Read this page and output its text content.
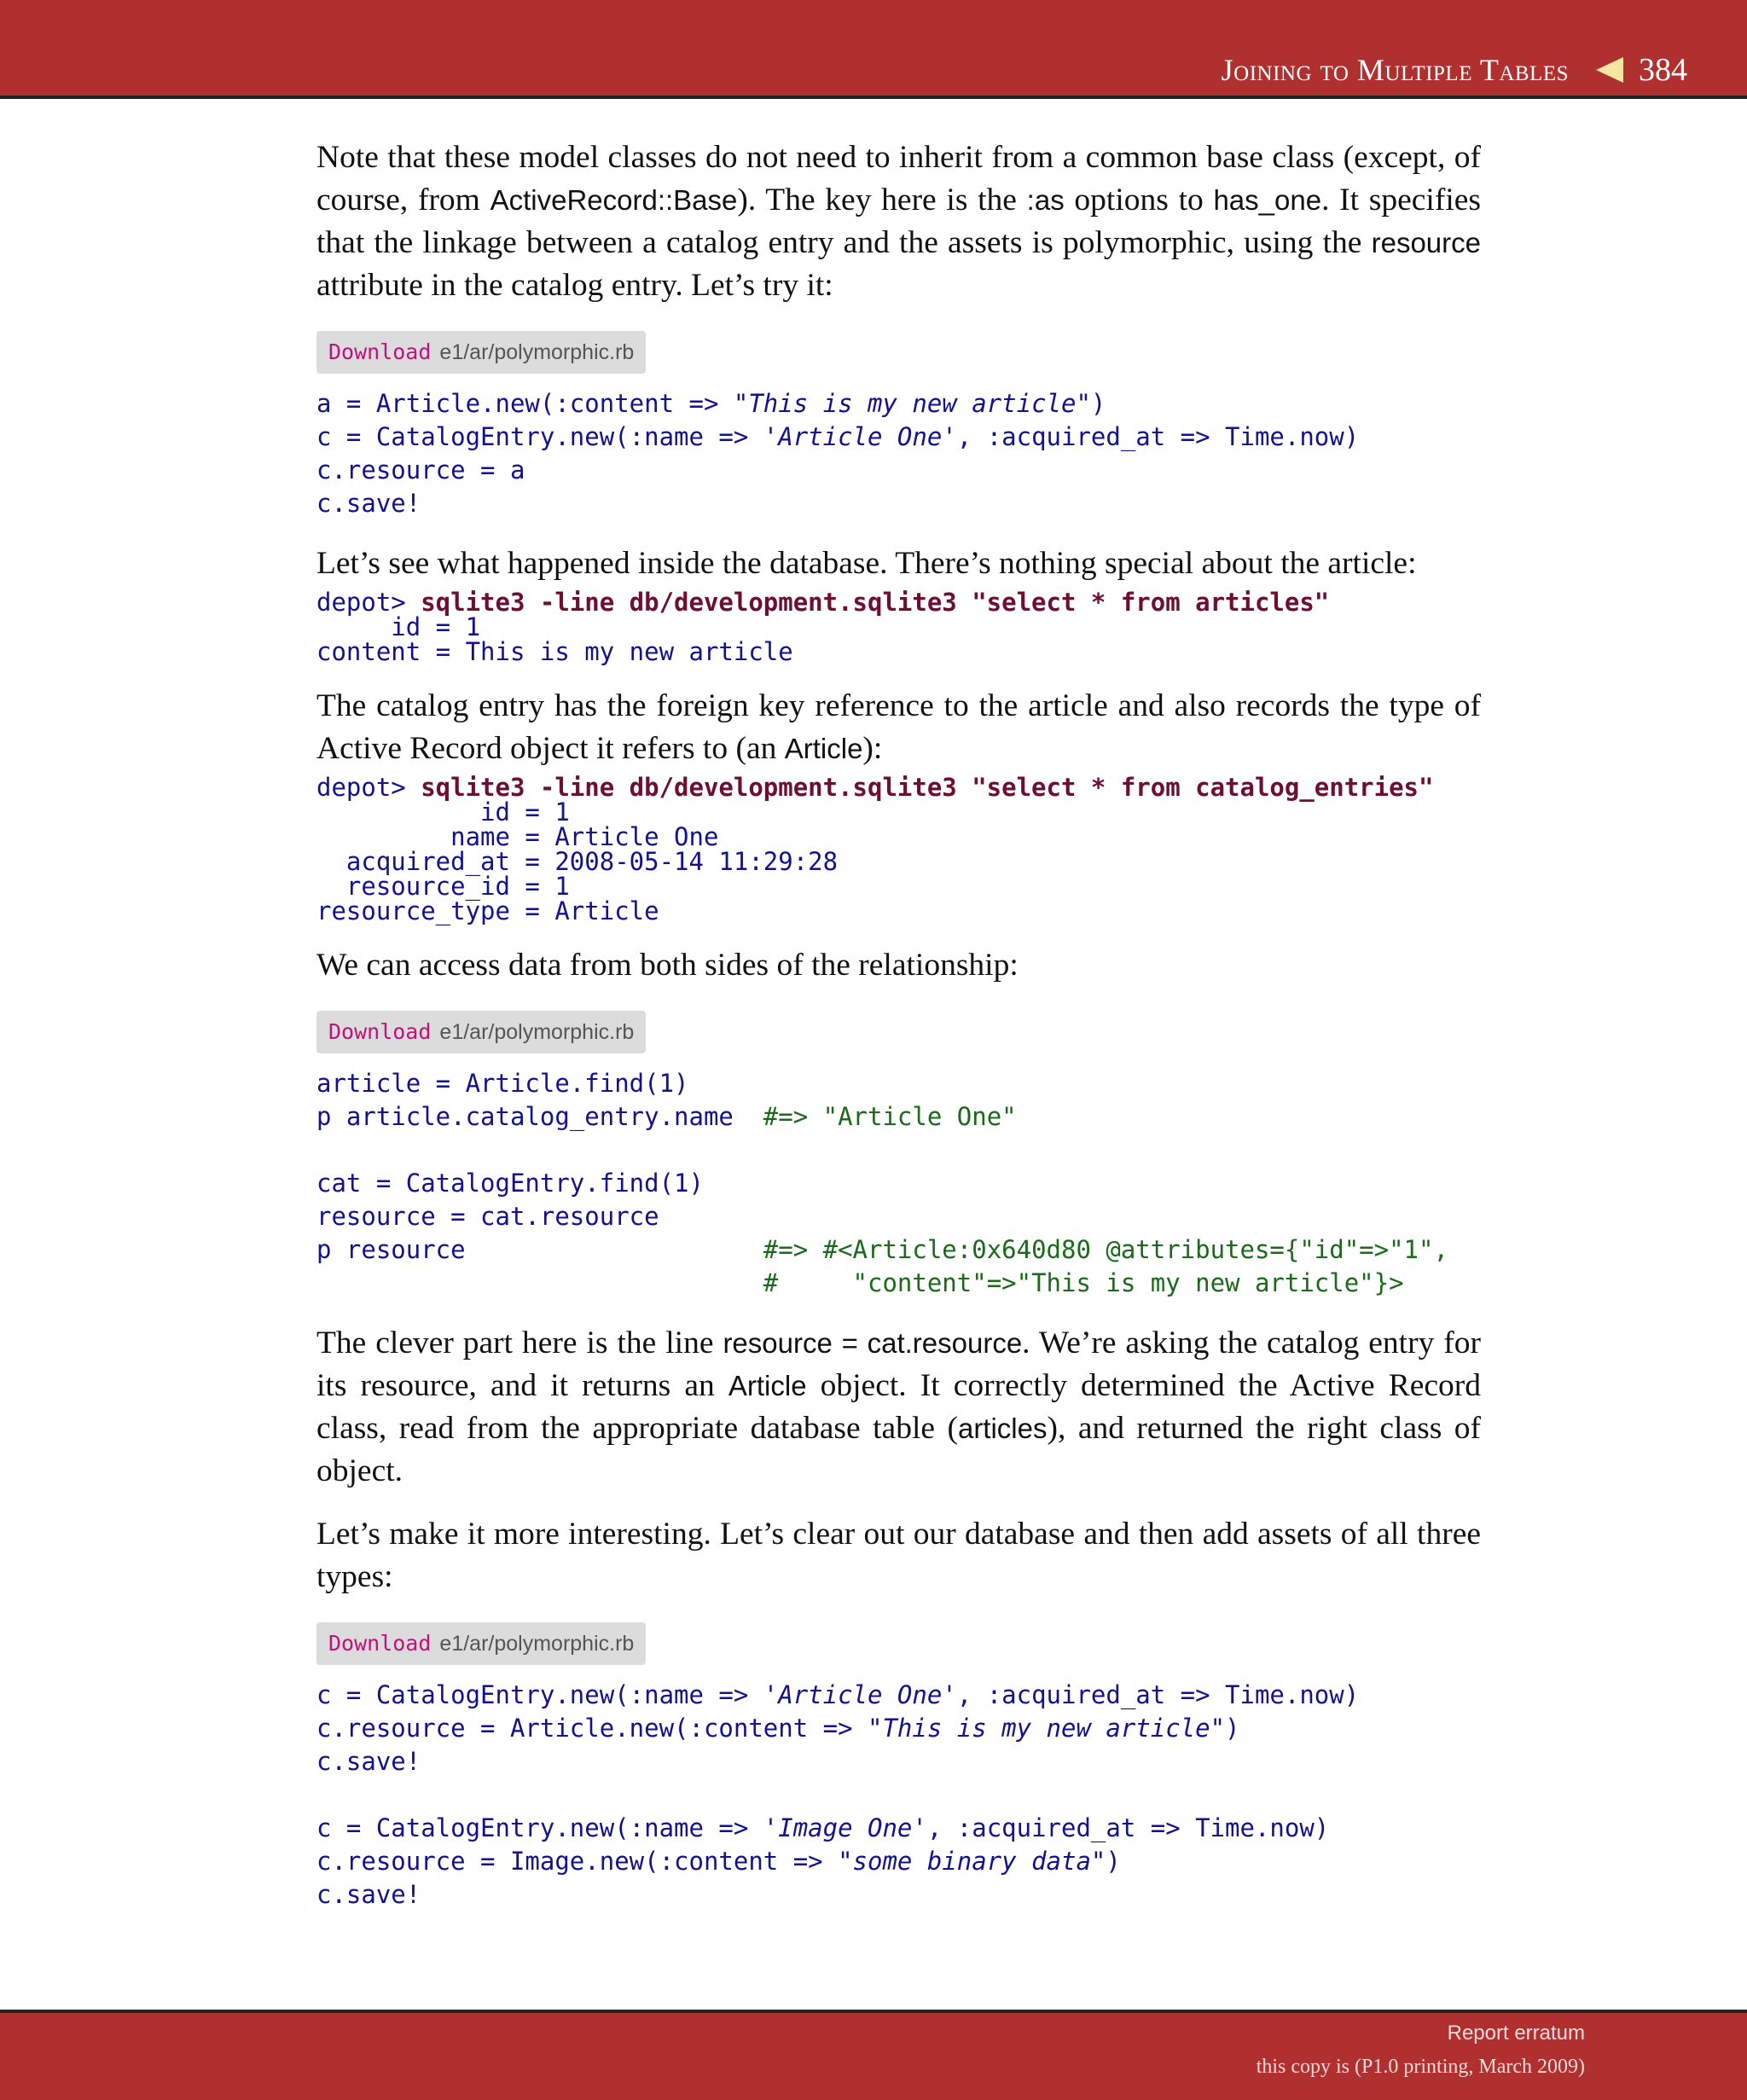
Joining to Multiple Tables 384

Note that these model classes do not need to inherit from a common base class (except, of course, from ActiveRecord::Base). The key here is the :as options to has_one. It specifies that the linkage between a catalog entry and the assets is polymorphic, using the resource attribute in the catalog entry. Let’s try it:

Download e1/ar/polymorphic.rb
a = Article.new(:content => "This is my new article")
c = CatalogEntry.new(:name => 'Article One', :acquired_at => Time.now)
c.resource = a
c.save!

Let’s see what happened inside the database. There’s nothing special about the article:

depot> sqlite3 -line db/development.sqlite3 "select * from articles"
id = 1
content = This is my new article

The catalog entry has the foreign key reference to the article and also records the type of Active Record object it refers to (an Article):

depot> sqlite3 -line db/development.sqlite3 "select * from catalog_entries"
id = 1
name = Article One
acquired_at = 2008-05-14 11:29:28
resource_id = 1
resource_type = Article

We can access data from both sides of the relationship:

Download e1/ar/polymorphic.rb
article = Article.find(1)
p article.catalog_entry.name  #=> "Article One"

cat = CatalogEntry.find(1)
resource = cat.resource
p resource                    #=> #<Article:0x640d80 @attributes={"id"=>"1",
#     "content"=>"This is my new article"}>

The clever part here is the line resource = cat.resource. We’re asking the catalog entry for its resource, and it returns an Article object. It correctly determined the Active Record class, read from the appropriate database table (articles), and returned the right class of object.

Let’s make it more interesting. Let’s clear out our database and then add assets of all three types:

Download e1/ar/polymorphic.rb
c = CatalogEntry.new(:name => 'Article One', :acquired_at => Time.now)
c.resource = Article.new(:content => "This is my new article")
c.save!

c = CatalogEntry.new(:name => 'Image One', :acquired_at => Time.now)
c.resource = Image.new(:content => "some binary data")
c.save!
Report erratum
this copy is (P1.0 printing, March 2009)
